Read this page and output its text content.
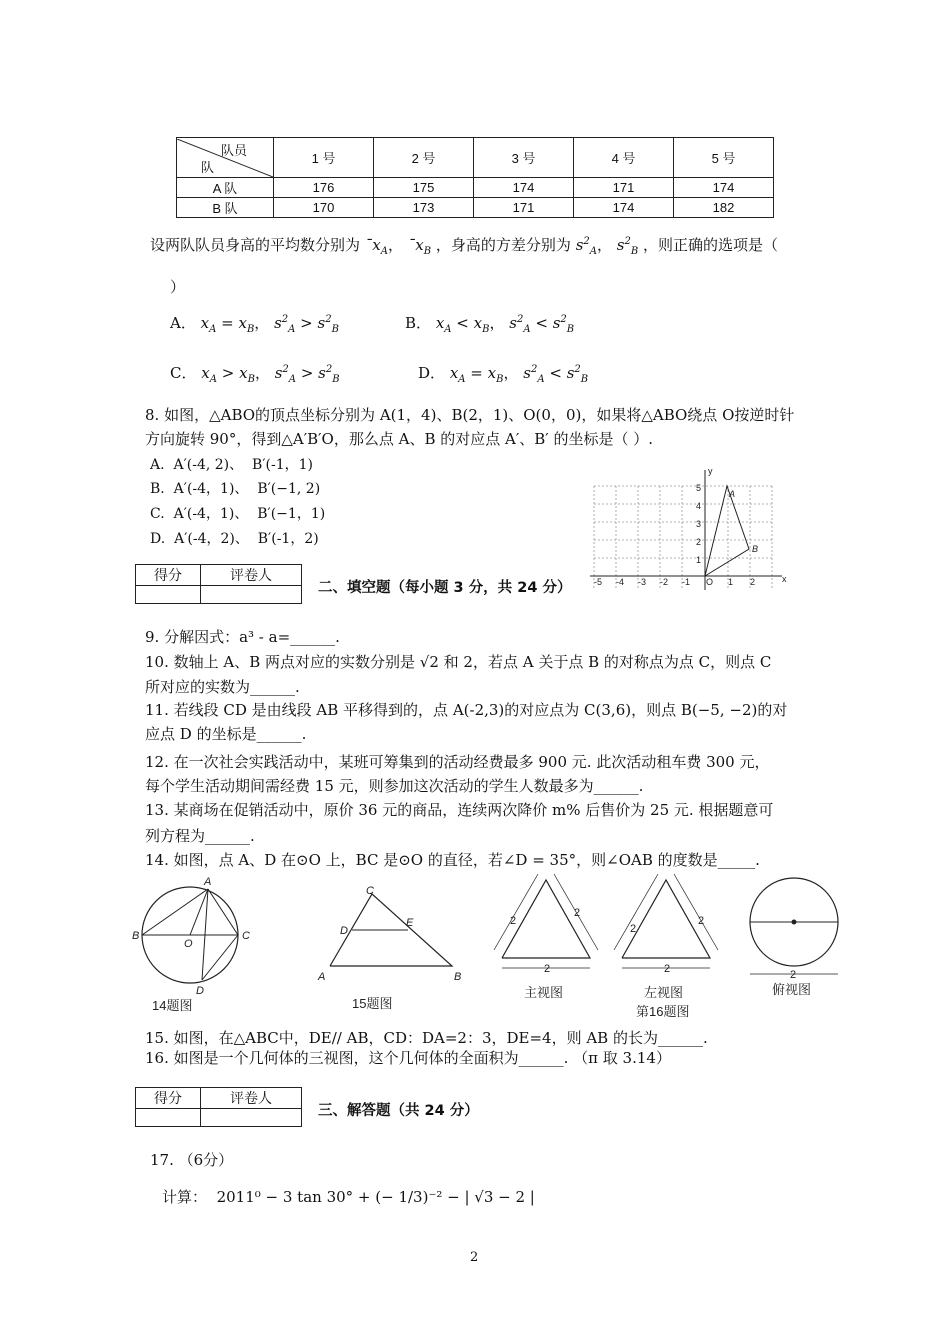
队员
队	1 号	2 号	3 号	4 号	5 号
A 队	176	175	174	171	174
B 队	170	173	171	174	182
设两队队员身高的平均数分别为 $¯x_A$， $¯x_B$ ，身高的方差分别为 $s^2_A$， $s^2_B$ ，则正确的选项是（
）
A． $x_A = x_B$， $s^2_A > s^2_B$	B． $x_A < x_B$， $s^2_A < s^2_B$
C． $x_A > x_B$， $s^2_A > s^2_B$	D． $x_A = x_B$， $s^2_A < s^2_B$
8. 如图，△ABO的顶点坐标分别为 A(1，4)、B(2，1)、O(0，0)，如果将△ABO绕点 O按逆时针
方向旋转 90°，得到△A′B′O，那么点 A、B 的对应点 A′、B′ 的坐标是（ ）.
A. A′(-4, 2)、 B′(-1，1)
B. A′(-4，1)、 B′(−1, 2)
C. A′(-4，1)、 B′(−1，1)
D. A′(-4，2)、 B′(-1，2)
-5 -4 -3 -2 -1 O 1 2	x
y
1
2
3
4
5
A
B
得分	评卷人

二、填空题（每小题 3 分，共 24 分）
9. 分解因式：a³ - a=______.
10. 数轴上 A、B 两点对应的实数分别是 √2 和 2，若点 A 关于点 B 的对称点为点 C，则点 C
所对应的实数为______.
11. 若线段 CD 是由线段 AB 平移得到的，点 A(-2,3)的对应点为 C(3,6)，则点 B(−5, −2)的对
应点 D 的坐标是______.
12. 在一次社会实践活动中，某班可筹集到的活动经费最多 900 元. 此次活动租车费 300 元，
每个学生活动期间需经费 15 元，则参加这次活动的学生人数最多为______.
13. 某商场在促销活动中，原价 36 元的商品，连续两次降价 m% 后售价为 25 元. 根据题意可
列方程为______.
14. 如图，点 A、D 在⊙O 上，BC 是⊙O 的直径，若∠D = 35°，则∠OAB 的度数是_____.
A
B	C
D
O
14题图
A	B
C
D
E
15题图
2
2
2
主视图
2
2
2
左视图
第16题图
2
俯视图
15. 如图，在△ABC中，DE// AB，CD：DA=2：3，DE=4，则 AB 的长为______.
16. 如图是一个几何体的三视图，这个几何体的全面积为______. （π 取 3.14）
得分	评卷人

三、解答题（共 24 分）
17. （6分）
计算： 2011⁰ − 3 tan 30° + (− 1/3)⁻² − | √3 − 2 |
2
